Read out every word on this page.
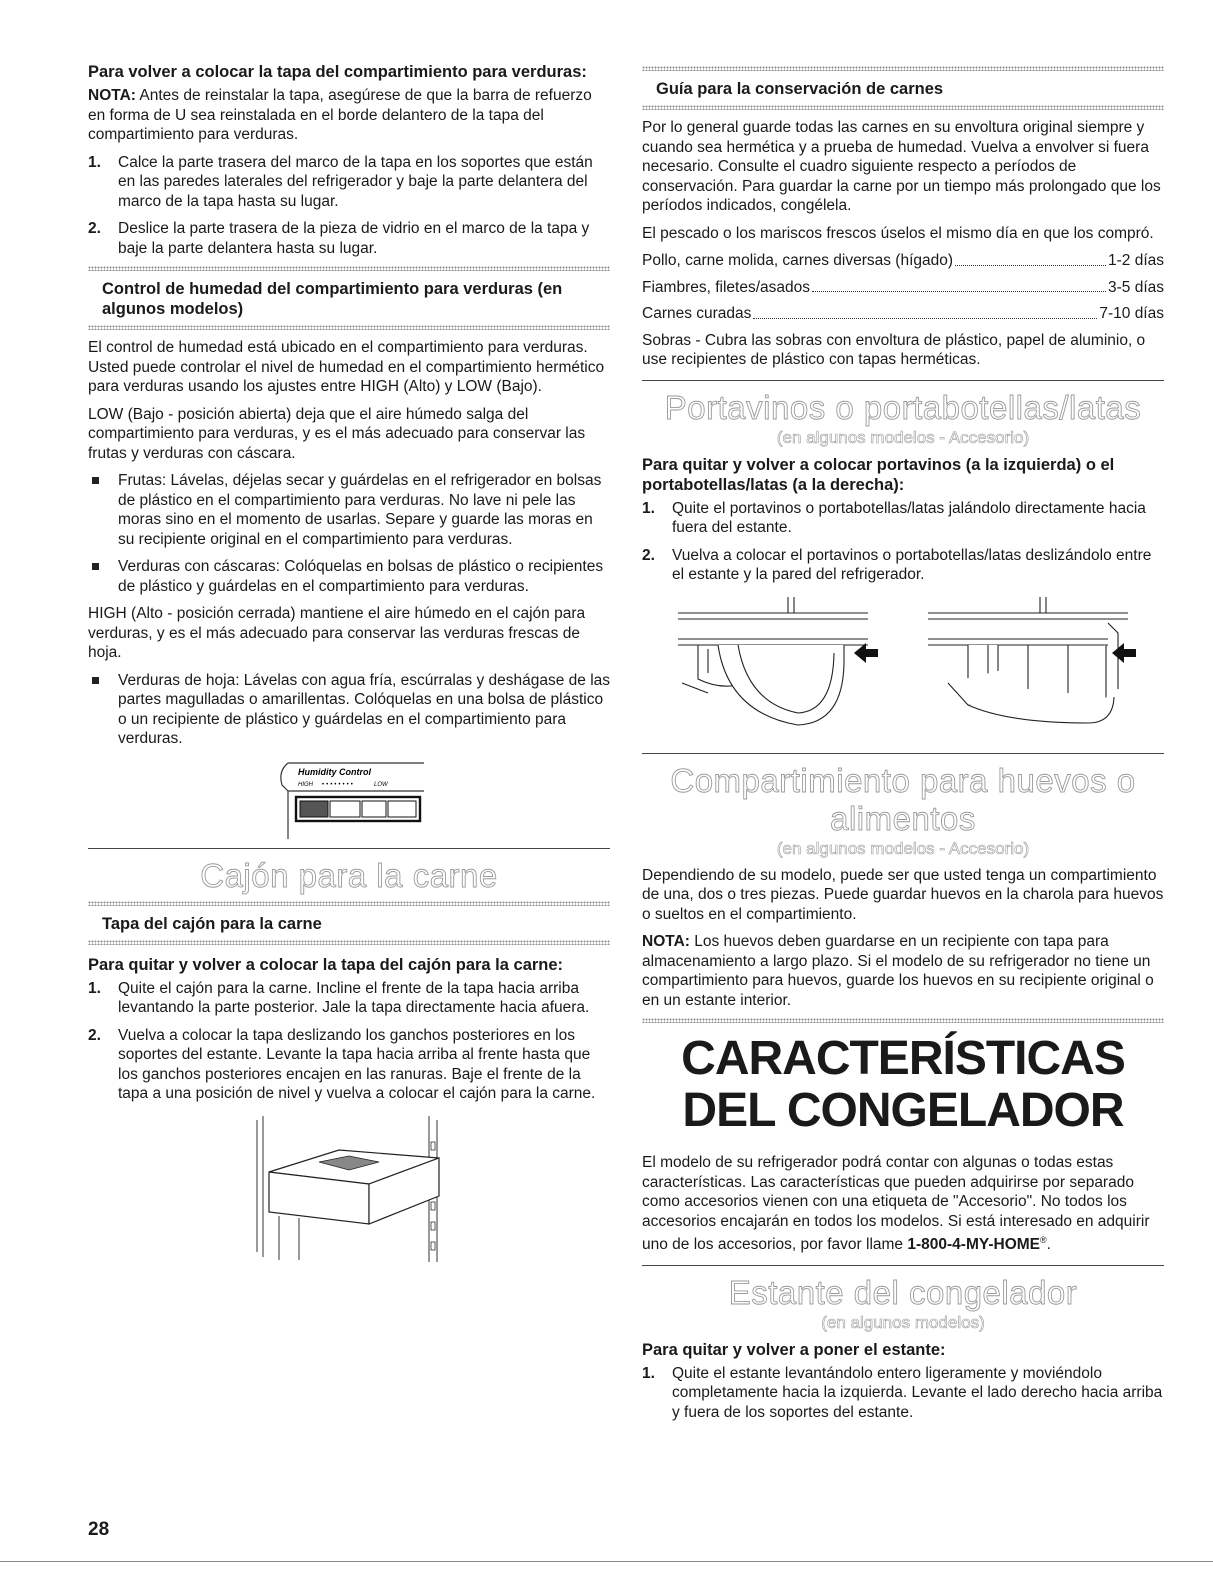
Para volver a colocar la tapa del compartimiento para verduras:

NOTA: Antes de reinstalar la tapa, asegúrese de que la barra de refuerzo en forma de U sea reinstalada en el borde delantero de la tapa del compartimiento para verduras.

1. Calce la parte trasera del marco de la tapa en los soportes que están en las paredes laterales del refrigerador y baje la parte delantera del marco de la tapa hasta su lugar.
2. Deslice la parte trasera de la pieza de vidrio en el marco de la tapa y baje la parte delantera hasta su lugar.
Control de humedad del compartimiento para verduras (en algunos modelos)

El control de humedad está ubicado en el compartimiento para verduras. Usted puede controlar el nivel de humedad en el compartimiento hermético para verduras usando los ajustes entre HIGH (Alto) y LOW (Bajo).

LOW (Bajo - posición abierta) deja que el aire húmedo salga del compartimiento para verduras, y es el más adecuado para conservar las frutas y verduras con cáscara.

Frutas: Lávelas, déjelas secar y guárdelas en el refrigerador en bolsas de plástico en el compartimiento para verduras. No lave ni pele las moras sino en el momento de usarlas. Separe y guarde las moras en su recipiente original en el compartimiento para verduras.
Verduras con cáscaras: Colóquelas en bolsas de plástico o recipientes de plástico y guárdelas en el compartimiento para verduras.

HIGH (Alto - posición cerrada) mantiene el aire húmedo en el cajón para verduras, y es el más adecuado para conservar las verduras frescas de hoja.

Verduras de hoja: Lávelas con agua fría, escúrralas y deshágase de las partes magulladas o amarillentas. Colóquelas en una bolsa de plástico o un recipiente de plástico y guárdelas en el compartimiento para verduras.
Humidity Control
HIGH ••••••••	LOW
Cajón para la carne
Tapa del cajón para la carne
Para quitar y volver a colocar la tapa del cajón para la carne:
1. Quite el cajón para la carne. Incline el frente de la tapa hacia arriba levantando la parte posterior. Jale la tapa directamente hacia afuera.
2. Vuelva a colocar la tapa deslizando los ganchos posteriores en los soportes del estante. Levante la tapa hacia arriba al frente hasta que los ganchos posteriores encajen en las ranuras. Baje el frente de la tapa a una posición de nivel y vuelva a colocar el cajón para la carne.
Guía para la conservación de carnes

Por lo general guarde todas las carnes en su envoltura original siempre y cuando sea hermética y a prueba de humedad. Vuelva a envolver si fuera necesario. Consulte el cuadro siguiente respecto a períodos de conservación. Para guardar la carne por un tiempo más prolongado que los períodos indicados, congélela.

El pescado o los mariscos frescos úselos el mismo día en que los compró.

Pollo, carne molida, carnes diversas (hígado)	1-2 días
Fiambres, filetes/asados	3-5 días
Carnes curadas	7-10 días

Sobras - Cubra las sobras con envoltura de plástico, papel de aluminio, o use recipientes de plástico con tapas herméticas.

Portavinos o portabotellas/latas
(en algunos modelos - Accesorio)
Para quitar y volver a colocar portavinos (a la izquierda) o el portabotellas/latas (a la derecha):
1. Quite el portavinos o portabotellas/latas jalándolo directamente hacia fuera del estante.
2. Vuelva a colocar el portavinos o portabotellas/latas deslizándolo entre el estante y la pared del refrigerador.
Compartimiento para huevos o alimentos
(en algunos modelos - Accesorio)

Dependiendo de su modelo, puede ser que usted tenga un compartimiento de una, dos o tres piezas. Puede guardar huevos en la charola para huevos o sueltos en el compartimiento.

NOTA: Los huevos deben guardarse en un recipiente con tapa para almacenamiento a largo plazo. Si el modelo de su refrigerador no tiene un compartimiento para huevos, guarde los huevos en su recipiente original o en un estante interior.

CARACTERÍSTICAS DEL CONGELADOR

El modelo de su refrigerador podrá contar con algunas o todas estas características. Las características que pueden adquirirse por separado como accesorios vienen con una etiqueta de "Accesorio". No todos los accesorios encajarán en todos los modelos. Si está interesado en adquirir uno de los accesorios, por favor llame 1-800-4-MY-HOME®.

Estante del congelador
(en algunos modelos)
Para quitar y volver a poner el estante:
1. Quite el estante levantándolo entero ligeramente y moviéndolo completamente hacia la izquierda. Levante el lado derecho hacia arriba y fuera de los soportes del estante.
28
